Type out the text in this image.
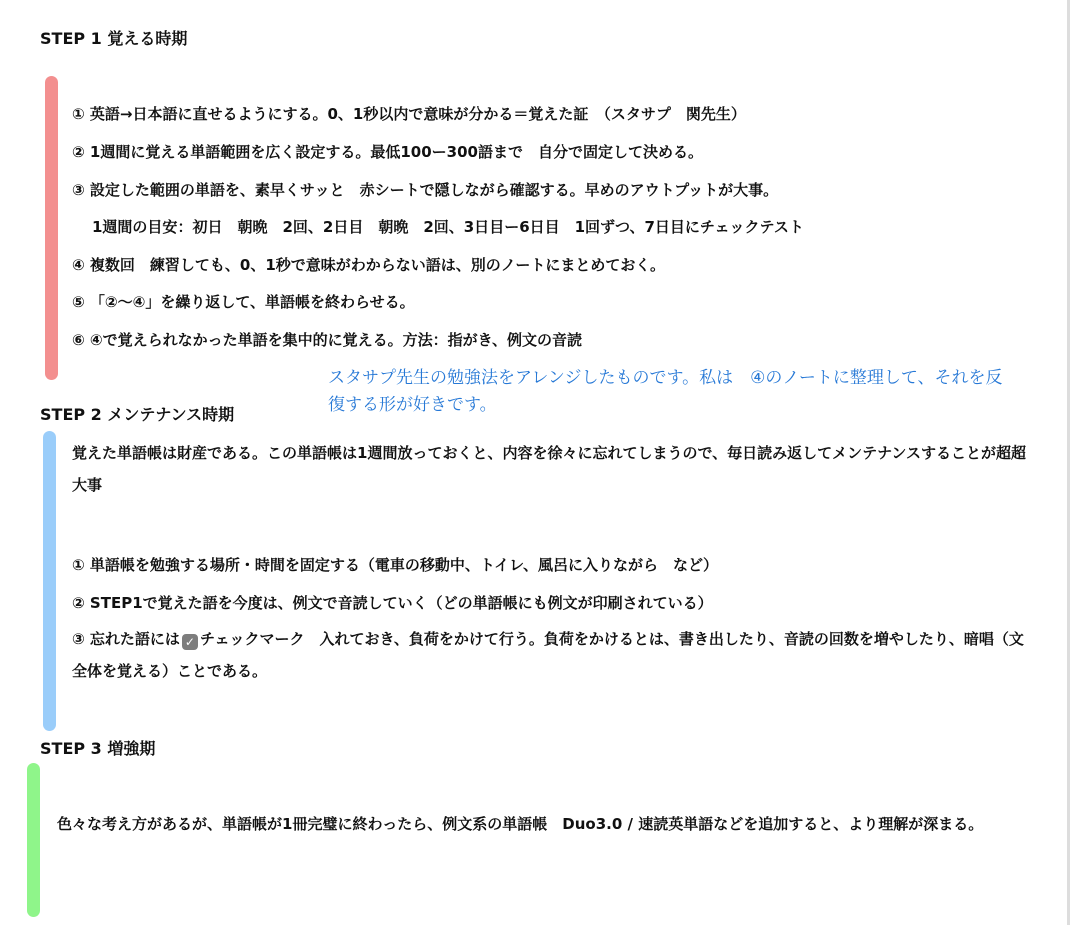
STEP 1 覚える時期
① 英語→日本語に直せるようにする。0、1秒以内で意味が分かる＝覚えた証　（スタサプ　関先生）
② 1週間に覚える単語範囲を広く設定する。最低100ー300語まで　自分で固定して決める。
③ 設定した範囲の単語を、素早くサッと　赤シートで隠しながら確認する。早めのアウトプットが大事。
1週間の目安：初日　朝晩　2回、2日目　朝晩　2回、3日目ー6日目　1回ずつ、7日目にチェックテスト
④ 複数回　練習しても、0、1秒で意味がわからない語は、別のノートにまとめておく。
⑤ 「②〜④」を繰り返して、単語帳を終わらせる。
⑥ ④で覚えられなかった単語を集中的に覚える。方法：指がき、例文の音読
スタサプ先生の勉強法をアレンジしたものです。私は　④のノートに整理して、それを反復する形が好きです。
STEP 2 メンテナンス時期
覚えた単語帳は財産である。この単語帳は1週間放っておくと、内容を徐々に忘れてしまうので、毎日読み返してメンテナンスすることが超超大事
① 単語帳を勉強する場所・時間を固定する（電車の移動中、トイレ、風呂に入りながら　など）
② STEP1で覚えた語を今度は、例文で音読していく（どの単語帳にも例文が印刷されている）
③ 忘れた語には ✓ チェックマーク　入れておき、負荷をかけて行う。負荷をかけるとは、書き出したり、音読の回数を増やしたり、暗唱（文全体を覚える）ことである。
STEP 3 増強期
　色々な考え方があるが、単語帳が1冊完璧に終わったら、例文系の単語帳　Duo3.0 / 速読英単語などを追加すると、より理解が深まる。
